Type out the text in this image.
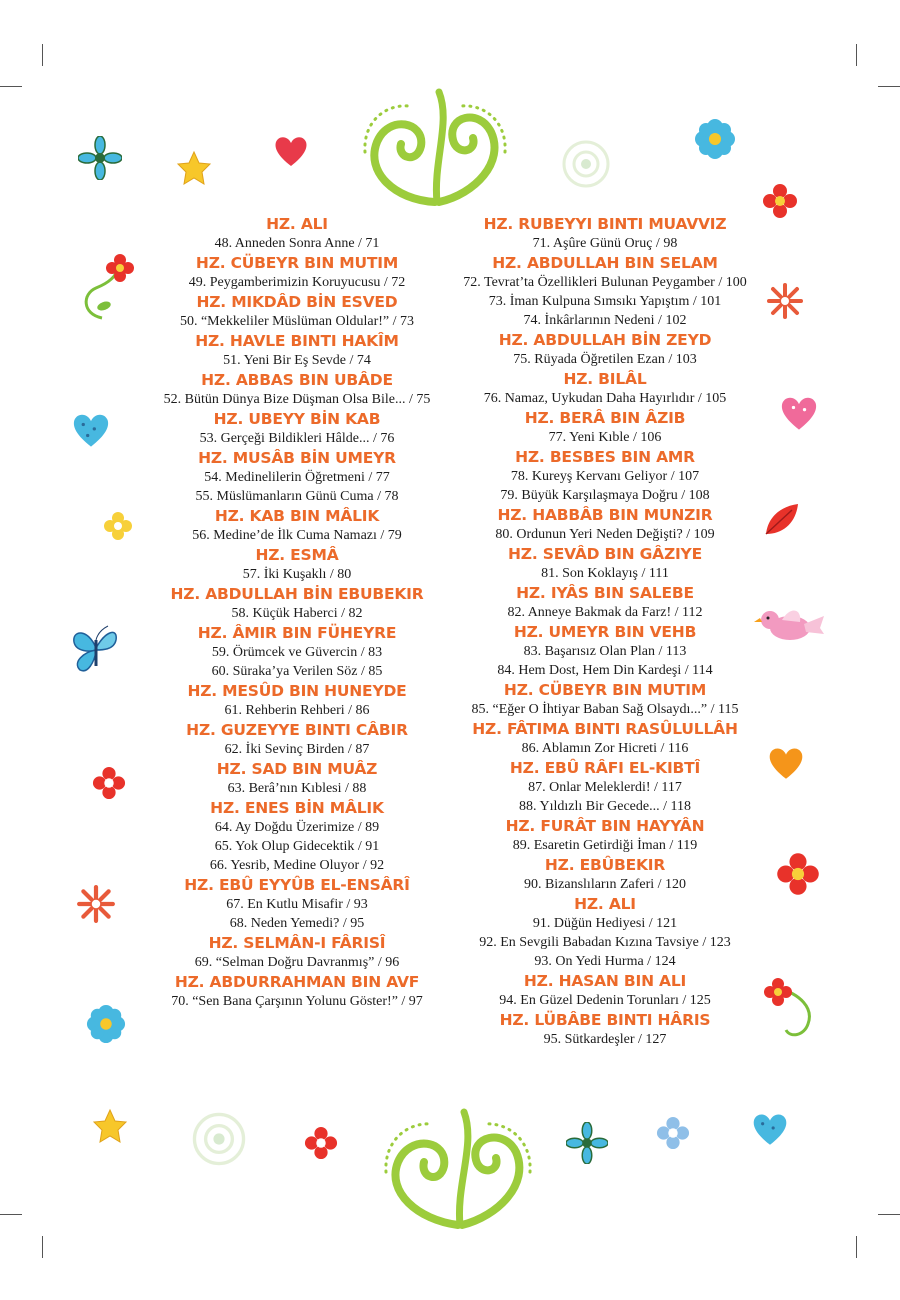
HZ. ALI
48. Anneden Sonra Anne / 71
HZ. CÜBEYR BIN MUTIM
49. Peygamberimizin Koruyucusu / 72
HZ. MIKDÂD BİN ESVED
50. “Mekkeliler Müslüman Oldular!” / 73
HZ. HAVLE BINTI HAKÎM
51. Yeni Bir Eş Sevde / 74
HZ. ABBAS BIN UBÂDE
52. Bütün Dünya Bize Düşman Olsa Bile... / 75
HZ. UBEYY BİN KAB
53. Gerçeği Bildikleri Hâlde... / 76
HZ. MUSÂB BİN UMEYR
54. Medinelilerin Öğretmeni / 77
55. Müslümanların Günü Cuma / 78
HZ. KAB BIN MÂLIK
56. Medine’de İlk Cuma Namazı / 79
HZ. ESMÂ
57. İki Kuşaklı / 80
HZ. ABDULLAH BİN EBUBEKIR
58. Küçük Haberci / 82
HZ. ÂMIR BIN FÜHEYRE
59. Örümcek ve Güvercin / 83
60. Süraka’ya Verilen Söz / 85
HZ. MESÛD BIN HUNEYDE
61. Rehberin Rehberi / 86
HZ. GUZEYYE BINTI CÂBIR
62. İki Sevinç Birden / 87
HZ. SAD BIN MUÂZ
63. Berâ’nın Kıblesi / 88
HZ. ENES BİN MÂLIK
64. Ay Doğdu Üzerimize / 89
65. Yok Olup Gidecektik / 91
66. Yesrib, Medine Oluyor / 92
HZ. EBÛ EYYÛB EL-ENSÂRÎ
67. En Kutlu Misafir / 93
68. Neden Yemedi? / 95
HZ. SELMÂN-I FÂRISÎ
69. “Selman Doğru Davranmış” / 96
HZ. ABDURRAHMAN BIN AVF
70. “Sen Bana Çarşının Yolunu Göster!” / 97
HZ. RUBEYYI BINTI MUAVVIZ
71. Aşûre Günü Oruç / 98
HZ. ABDULLAH BIN SELAM
72. Tevrat’ta Özellikleri Bulunan Peygamber / 100
73. İman Kulpuna Sımsıkı Yapıştım / 101
74. İnkârlarının Nedeni / 102
HZ. ABDULLAH BİN ZEYD
75. Rüyada Öğretilen Ezan / 103
HZ. BILÂL
76. Namaz, Uykudan Daha Hayırlıdır / 105
HZ. BERÂ BIN ÂZIB
77. Yeni Kıble / 106
HZ. BESBES BIN AMR
78. Kureyş Kervanı Geliyor / 107
79. Büyük Karşılaşmaya Doğru / 108
HZ. HABBÂB BIN MUNZIR
80. Ordunun Yeri Neden Değişti? / 109
HZ. SEVÂD BIN GÂZIYE
81. Son Koklayış / 111
HZ. IYÂS BIN SALEBE
82. Anneye Bakmak da Farz! / 112
HZ. UMEYR BIN VEHB
83. Başarısız Olan Plan / 113
84. Hem Dost, Hem Din Kardeşi / 114
HZ. CÜBEYR BIN MUTIM
85. “Eğer O İhtiyar Baban Sağ Olsaydı...” / 115
HZ. FÂTIMA BINTI RASÛLULLÂH
86. Ablamın Zor Hicreti / 116
HZ. EBÛ RÂFI EL-KIBTÎ
87. Onlar Meleklerdi! / 117
88. Yıldızlı Bir Gecede... / 118
HZ. FURÂT BIN HAYYÂN
89. Esaretin Getirdiği İman / 119
HZ. EBÛBEKIR
90. Bizanslıların Zaferi / 120
HZ. ALI
91. Düğün Hediyesi / 121
92. En Sevgili Babadan Kızına Tavsiye / 123
93. On Yedi Hurma / 124
HZ. HASAN BIN ALI
94. En Güzel Dedenin Torunları / 125
HZ. LÜBÂBE BINTI HÂRIS
95. Sütkardeşler / 127
